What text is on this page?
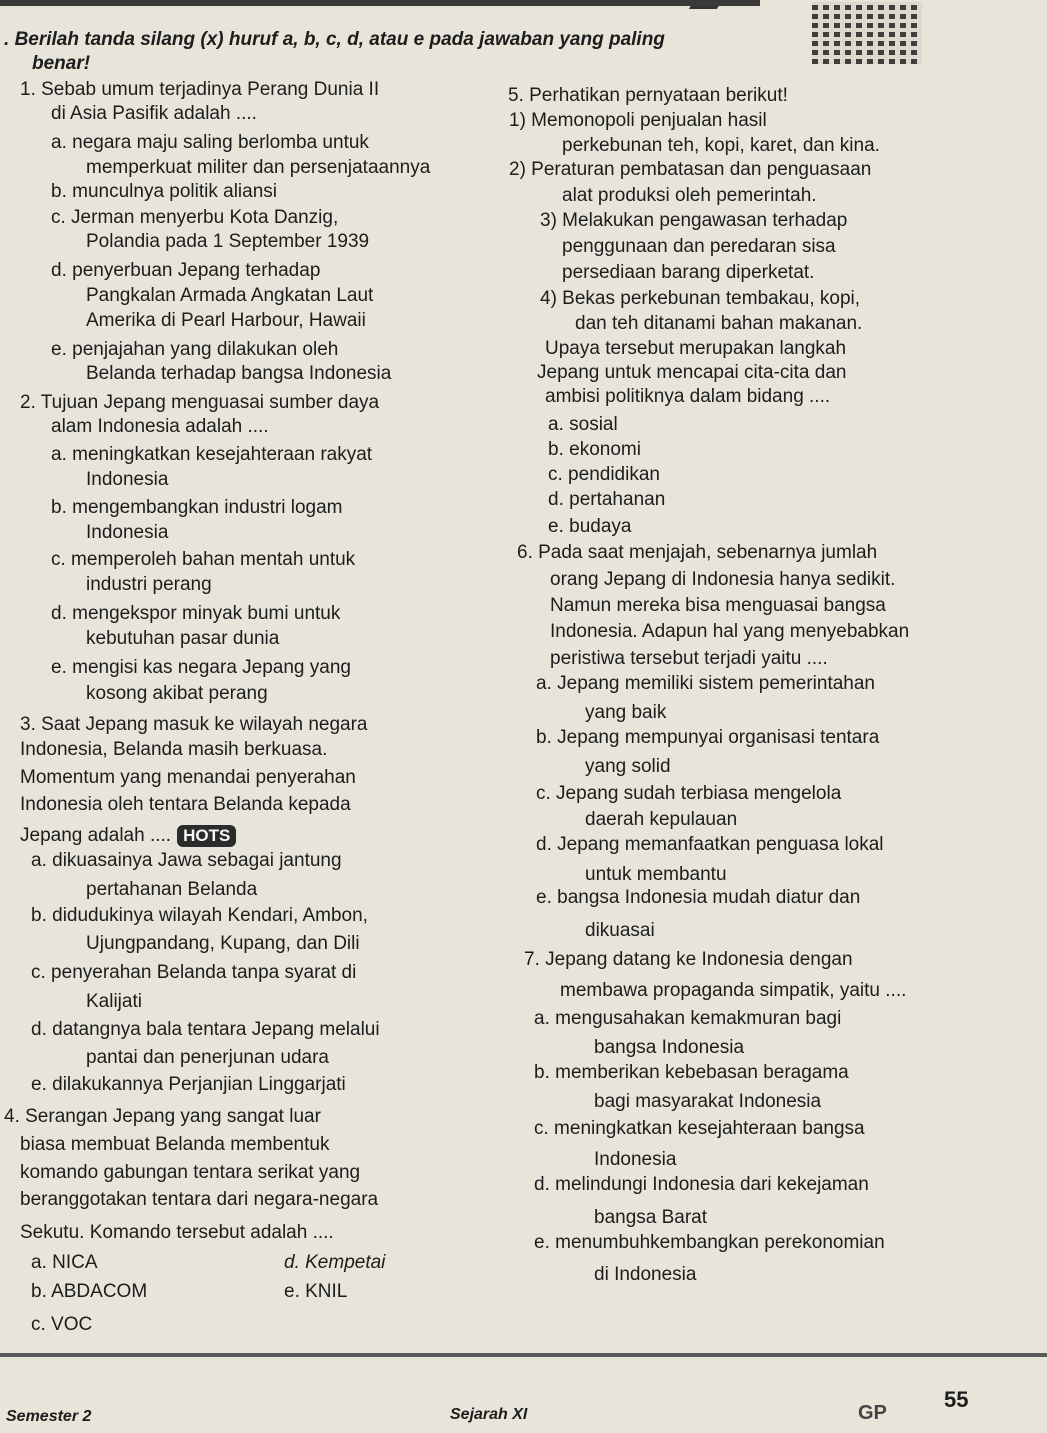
. Berilah tanda silang (x) huruf a, b, c, d, atau e pada jawaban yang paling
benar!
1. Sebab umum terjadinya Perang Dunia II
di Asia Pasifik adalah ....
a. negara maju saling berlomba untuk
memperkuat militer dan persenjataannya
b. munculnya politik aliansi
c. Jerman menyerbu Kota Danzig,
Polandia pada 1 September 1939
d. penyerbuan Jepang terhadap
Pangkalan Armada Angkatan Laut
Amerika di Pearl Harbour, Hawaii
e. penjajahan yang dilakukan oleh
Belanda terhadap bangsa Indonesia
2. Tujuan Jepang menguasai sumber daya
alam Indonesia adalah ....
a. meningkatkan kesejahteraan rakyat
Indonesia
b. mengembangkan industri logam
Indonesia
c. memperoleh bahan mentah untuk
industri perang
d. mengekspor minyak bumi untuk
kebutuhan pasar dunia
e. mengisi kas negara Jepang yang
kosong akibat perang
3. Saat Jepang masuk ke wilayah negara
Indonesia, Belanda masih berkuasa.
Momentum yang menandai penyerahan
Indonesia oleh tentara Belanda kepada
Jepang adalah .... HOTS
a. dikuasainya Jawa sebagai jantung
pertahanan Belanda
b. didudukinya wilayah Kendari, Ambon,
Ujungpandang, Kupang, dan Dili
c. penyerahan Belanda tanpa syarat di
Kalijati
d. datangnya bala tentara Jepang melalui
pantai dan penerjunan udara
e. dilakukannya Perjanjian Linggarjati
4. Serangan Jepang yang sangat luar
biasa membuat Belanda membentuk
komando gabungan tentara serikat yang
beranggotakan tentara dari negara-negara
Sekutu. Komando tersebut adalah ....
a. NICA
b. ABDACOM
c. VOC
d. Kempetai
e. KNIL
5. Perhatikan pernyataan berikut!
1) Memonopoli penjualan hasil
perkebunan teh, kopi, karet, dan kina.
2) Peraturan pembatasan dan penguasaan
alat produksi oleh pemerintah.
3) Melakukan pengawasan terhadap
penggunaan dan peredaran sisa
persediaan barang diperketat.
4) Bekas perkebunan tembakau, kopi,
dan teh ditanami bahan makanan.
Upaya tersebut merupakan langkah
Jepang untuk mencapai cita-cita dan
ambisi politiknya dalam bidang ....
a. sosial
b. ekonomi
c. pendidikan
d. pertahanan
e. budaya
6. Pada saat menjajah, sebenarnya jumlah
orang Jepang di Indonesia hanya sedikit.
Namun mereka bisa menguasai bangsa
Indonesia. Adapun hal yang menyebabkan
peristiwa tersebut terjadi yaitu ....
a. Jepang memiliki sistem pemerintahan
yang baik
b. Jepang mempunyai organisasi tentara
yang solid
c. Jepang sudah terbiasa mengelola
daerah kepulauan
d. Jepang memanfaatkan penguasa lokal
untuk membantu
e. bangsa Indonesia mudah diatur dan
dikuasai
7. Jepang datang ke Indonesia dengan
membawa propaganda simpatik, yaitu ....
a. mengusahakan kemakmuran bagi
bangsa Indonesia
b. memberikan kebebasan beragama
bagi masyarakat Indonesia
c. meningkatkan kesejahteraan bangsa
Indonesia
d. melindungi Indonesia dari kekejaman
bangsa Barat
e. menumbuhkembangkan perekonomian
di Indonesia
Semester 2	Sejarah XI	GP
55
